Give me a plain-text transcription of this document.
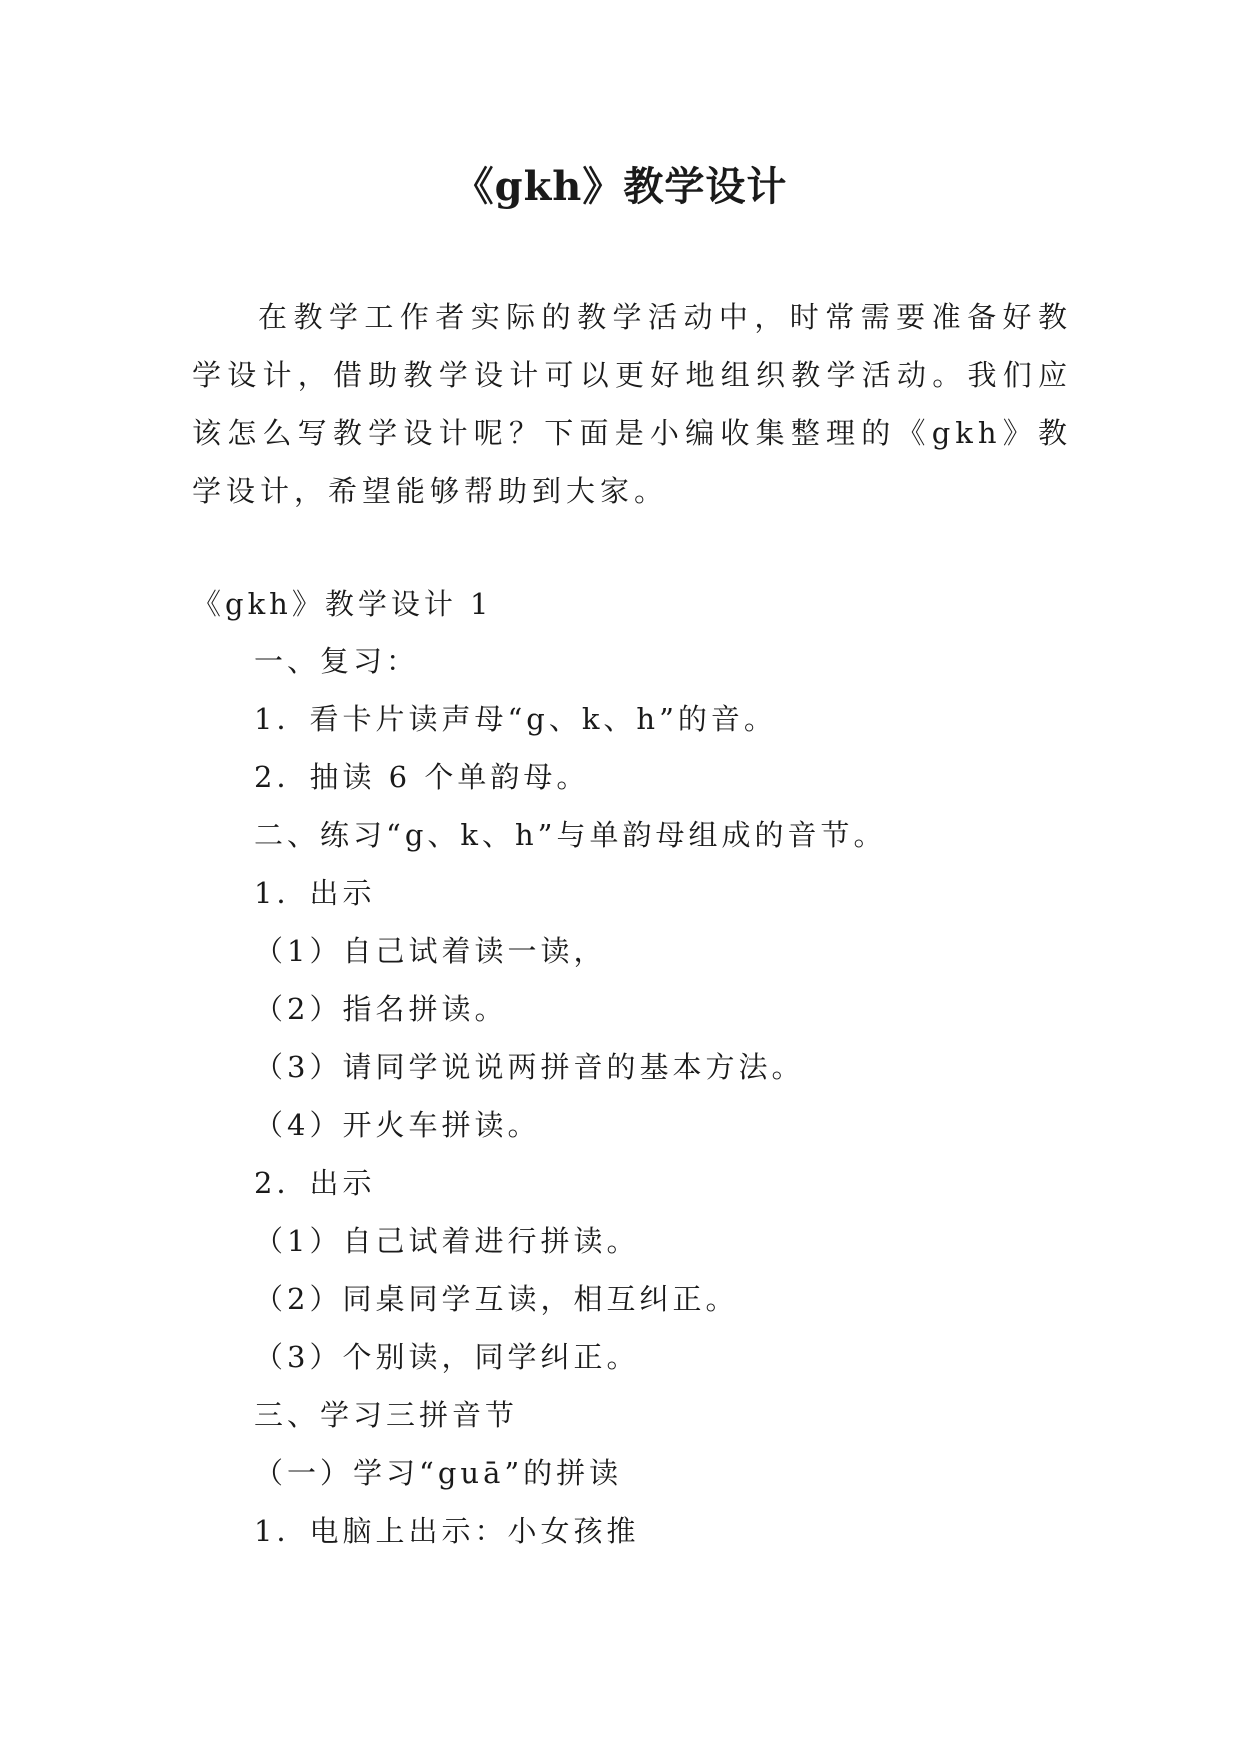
《gkh》教学设计

在教学工作者实际的教学活动中，时常需要准备好教学设计，借助教学设计可以更好地组织教学活动。我们应该怎么写教学设计呢？下面是小编收集整理的《gkh》教学设计，希望能够帮助到大家。

《gkh》教学设计 1

一、复习：

1．看卡片读声母“g、k、h”的音。

2．抽读 6 个单韵母。

二、练习“g、k、h”与单韵母组成的音节。

1．出示

（1）自己试着读一读，

（2）指名拼读。

（3）请同学说说两拼音的基本方法。

（4）开火车拼读。

2．出示

（1）自己试着进行拼读。

（2）同桌同学互读，相互纠正。

（3）个别读，同学纠正。

三、学习三拼音节

（一）学习“guā”的拼读

1．电脑上出示：小女孩推
